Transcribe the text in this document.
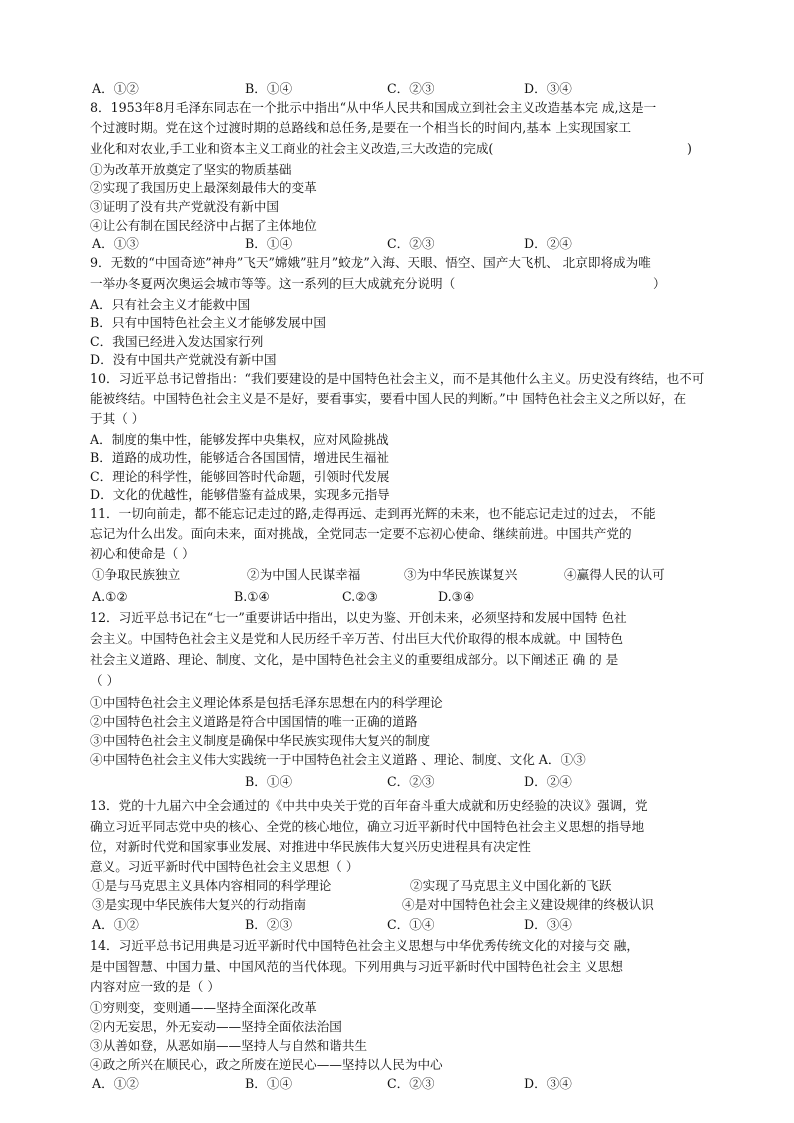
A．①②	B．①④	C．②③	D．③④
8．1953年8月毛泽东同志在一个批示中指出“从中华人民共和国成立到社会主义改造基本完 成,这是一
个过渡时期。党在这个过渡时期的总路线和总任务,是要在一个相当长的时间内,基本 上实现国家工
业化和对农业,手工业和资本主义工商业的社会主义改造,三大改造的完成(	)
①为改革开放奠定了坚实的物质基础
②实现了我国历史上最深刻最伟大的变革
③证明了没有共产党就没有新中国
④让公有制在国民经济中占据了主体地位
A．①③	B．①④	C．②③	D．②④
9．无数的“中国奇迹”神舟”飞天”嫦娥”驻月”蛟龙”入海、天眼、悟空、国产大飞机、 北京即将成为唯
一举办冬夏两次奥运会城市等等。这一系列的巨大成就充分说明（	）
A．只有社会主义才能救中国
B．只有中国特色社会主义才能够发展中国
C．我国已经进入发达国家行列
D．没有中国共产党就没有新中国
10．习近平总书记曾指出：“我们要建设的是中国特色社会主义，而不是其他什么主义。历史没有终结，也不可
能被终结。中国特色社会主义是不是好，要看事实，要看中国人民的判断。”中 国特色社会主义之所以好，在
于其（ ）
A．制度的集中性，能够发挥中央集权，应对风险挑战
B．道路的成功性，能够适合各国国情，增进民生福祉
C．理论的科学性，能够回答时代命题，引领时代发展
D．文化的优越性，能够借鉴有益成果，实现多元指导
11．一切向前走，都不能忘记走过的路,走得再远、走到再光辉的未来，也不能忘记走过的过去， 不能
忘记为什么出发。面向未来，面对挑战，全党同志一定要不忘初心使命、继续前进。中国共产党的
初心和使命是（ ）
①争取民族独立	②为中国人民谋幸福	③为中华民族谋复兴	④赢得人民的认可
A.①②	B.①④	C.②③	D.③④
12．习近平总书记在“七一”重要讲话中指出，以史为鉴、开创未来，必须坚持和发展中国特 色社
会主义。中国特色社会主义是党和人民历经千辛万苦、付出巨大代价取得的根本成就。中 国特色
社会主义道路、理论、制度、文化，是中国特色社会主义的重要组成部分。以下阐述正 确 的 是
（ ）
①中国特色社会主义理论体系是包括毛泽东思想在内的科学理论
②中国特色社会主义道路是符合中国国情的唯一正确的道路
③中国特色社会主义制度是确保中华民族实现伟大复兴的制度
④中国特色社会主义伟大实践统一于中国特色社会主义道路 、理论、制度、文化 A．①③
B．①④	C．②③	D．②④
13．党的十九届六中全会通过的《中共中央关于党的百年奋斗重大成就和历史经验的决议》强调，党
确立习近平同志党中央的核心、全党的核心地位，确立习近平新时代中国特色社会主义思想的指导地
位，对新时代党和国家事业发展、对推进中华民族伟大复兴历史进程具有决定性
意义。习近平新时代中国特色社会主义思想（ ）
①是与马克思主义具体内容相同的科学理论	②实现了马克思主义中国化新的飞跃
③是实现中华民族伟大复兴的行动指南	④是对中国特色社会主义建设规律的终极认识
A．①②	B．②③	C．①④	D．③④
14．习近平总书记用典是习近平新时代中国特色社会主义思想与中华优秀传统文化的对接与交 融，
是中国智慧、中国力量、中国风范的当代体现。下列用典与习近平新时代中国特色社会主 义思想
内容对应一致的是（ ）
①穷则变，变则通——坚持全面深化改革
②内无妄思，外无妄动——坚持全面依法治国
③从善如登，从恶如崩——坚持人与自然和谐共生
④政之所兴在顺民心，政之所废在逆民心——坚持以人民为中心
A．①②	B．①④	C．②③	D．③④
